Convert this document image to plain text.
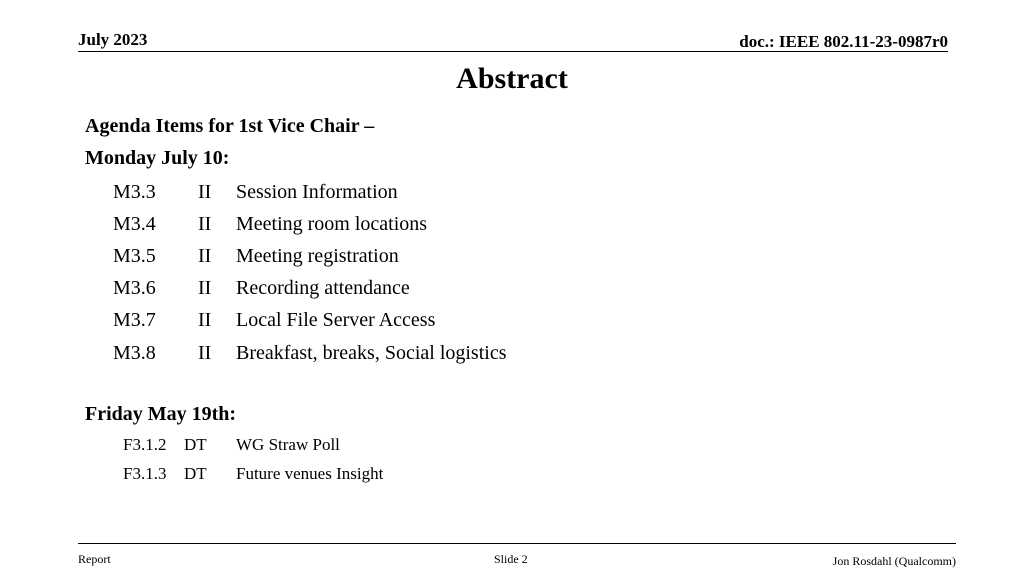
July 2023	doc.: IEEE 802.11-23-0987r0
Abstract
Agenda Items for 1st Vice Chair –
Monday July 10:
M3.3	II	Session Information
M3.4	II	Meeting room locations
M3.5	II	Meeting registration
M3.6	II	Recording attendance
M3.7	II	Local File Server Access
M3.8	II	Breakfast, breaks, Social logistics
Friday May 19th:
F3.1.2	DT	WG Straw Poll
F3.1.3	DT	Future venues Insight
Report	Slide 2	Jon Rosdahl (Qualcomm)
